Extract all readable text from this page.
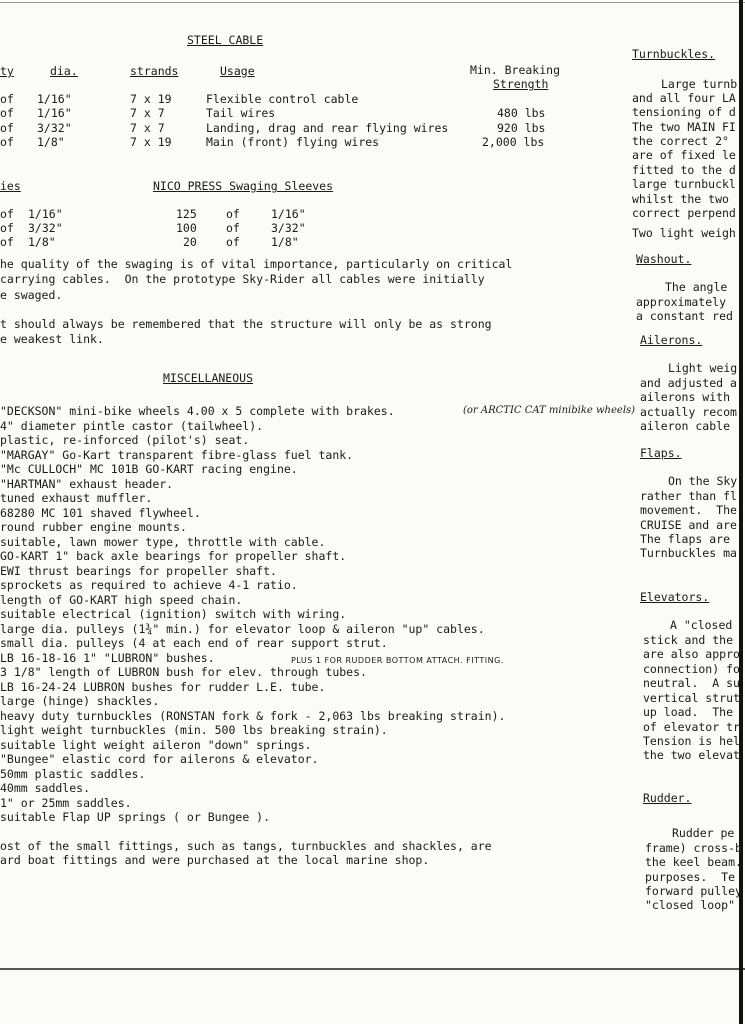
STEEL CABLE
ty	dia.	strands	Usage	Min. Breaking
Strength
of 1/16"	7 x 19	Flexible control cable
of 1/16"	7 x 7	Tail wires	480 lbs
of 3/32"	7 x 7	Landing, drag and rear flying wires	920 lbs
of 1/8"	7 x 19	Main (front) flying wires	2,000 lbs
ies	NICO PRESS Swaging Sleeves
of 1/16"	125	of	1/16"
of 3/32"	100	of	3/32"
of 1/8"	20	of	1/8"
he quality of the swaging is of vital importance, particularly on critical
carrying cables.  On the prototype Sky-Rider all cables were initially
e swaged.
t should always be remembered that the structure will only be as strong
e weakest link.
MISCELLANEOUS
"DECKSON" mini-bike wheels 4.00 x 5 complete with brakes.	(or ARCTIC CAT minibike wheels)
4" diameter pintle castor (tailwheel).
plastic, re-inforced (pilot's) seat.
"MARGAY" Go-Kart transparent fibre-glass fuel tank.
"Mc CULLOCH" MC 101B GO-KART racing engine.
"HARTMAN" exhaust header.
tuned exhaust muffler.
68280 MC 101 shaved flywheel.
round rubber engine mounts.
suitable, lawn mower type, throttle with cable.
GO-KART 1" back axle bearings for propeller shaft.
EWI thrust bearings for propeller shaft.
sprockets as required to achieve 4-1 ratio.
length of GO-KART high speed chain.
suitable electrical (ignition) switch with wiring.
large dia. pulleys (1¾" min.) for elevator loop & aileron "up" cables.
small dia. pulleys (4 at each end of rear support strut.
LB 16-18-16 1" "LUBRON" bushes.	PLUS 1 FOR RUDDER BOTTOM ATTACH. FITTING.
3 1/8" length of LUBRON bush for elev. through tubes.
LB 16-24-24 LUBRON bushes for rudder L.E. tube.
large (hinge) shackles.
heavy duty turnbuckles (RONSTAN fork & fork - 2,063 lbs breaking strain).
light weight turnbuckles (min. 500 lbs breaking strain).
suitable light weight aileron "down" springs.
"Bungee" elastic cord for ailerons & elevator.
50mm plastic saddles.
40mm saddles.
1" or 25mm saddles.
suitable Flap UP springs ( or Bungee ).
ost of the small fittings, such as tangs, turnbuckles and shackles, are
ard boat fittings and were purchased at the local marine shop.
Turnbuckles.
Large turnb
and all four LA
tensioning of d
The two MAIN FI
the correct 2°
are of fixed le
fitted to the d
large turnbuckl
whilst the two
correct perpend
Two light weigh
Washout.
The angle
approximately
a constant red
Ailerons.
Light weig
and adjusted a
ailerons with
actually recom
aileron cable
Flaps.
On the Sky
rather than fl
movement.  The
CRUISE and are
The flaps are
Turnbuckles ma
Elevators.
A "closed
stick and the
are also appro
connection) fo
neutral.  A su
vertical strut
up load.  The
of elevator tr
Tension is hel
the two elevat
Rudder.
Rudder pe
frame) cross-b
the keel beam.
purposes.  Te
forward pulley
"closed loop"
